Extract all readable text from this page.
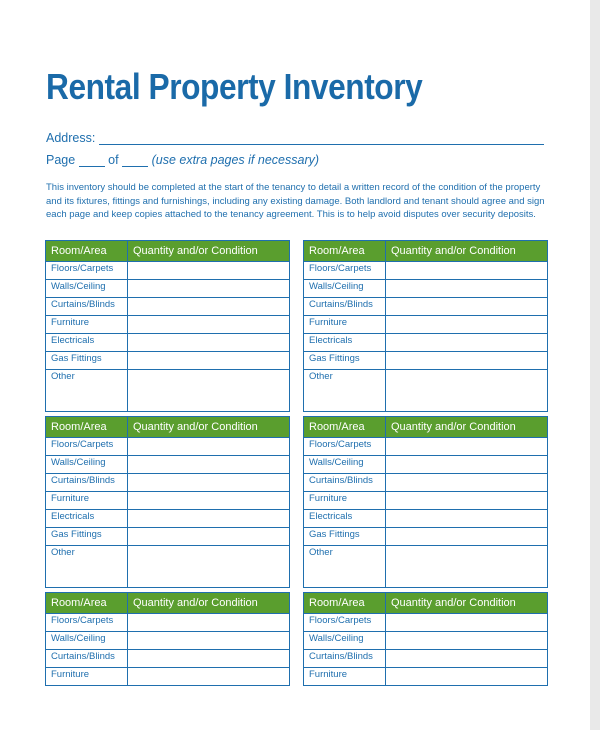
Rental Property Inventory
Address:
Page	of	(use extra pages if necessary)

This inventory should be completed at the start of the tenancy to detail a written record of the condition of the property and its fixtures, fittings and furnishings, including any existing damage. Both landlord and tenant should agree and sign each page and keep copies attached to the tenancy agreement. This is to help avoid disputes over security deposits.

Room/Area	Quantity and/or Condition
Floors/Carpets	
Walls/Ceiling	
Curtains/Blinds	
Furniture	
Electricals	
Gas Fittings	
Other	
Room/Area	Quantity and/or Condition
Floors/Carpets	
Walls/Ceiling	
Curtains/Blinds	
Furniture	
Electricals	
Gas Fittings	
Other	
Room/Area	Quantity and/or Condition
Floors/Carpets	
Walls/Ceiling	
Curtains/Blinds	
Furniture	
Electricals	
Gas Fittings	
Other	
Room/Area	Quantity and/or Condition
Floors/Carpets	
Walls/Ceiling	
Curtains/Blinds	
Furniture	
Electricals	
Gas Fittings	
Other	
Room/Area	Quantity and/or Condition
Floors/Carpets	
Walls/Ceiling	
Curtains/Blinds	
Furniture	
Room/Area	Quantity and/or Condition
Floors/Carpets	
Walls/Ceiling	
Curtains/Blinds	
Furniture	
